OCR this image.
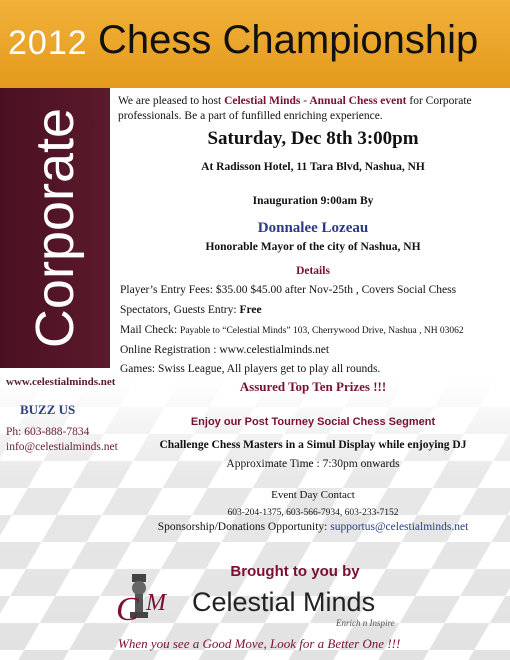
2012 Chess Championship
Corporate
www.celestialminds.net
BUZZ US
Ph: 603-888-7834
info@celestialminds.net
We are pleased to host Celestial Minds - Annual Chess event for Corporate professionals. Be a part of funfilled enriching experience.
Saturday, Dec 8th 3:00pm
At Radisson Hotel, 11 Tara Blvd, Nashua, NH
Inauguration 9:00am By
Donnalee Lozeau
Honorable Mayor of the city of Nashua, NH
Details
Player’s Entry Fees: $35.00 $45.00 after Nov-25th , Covers Social Chess
Spectators, Guests Entry: Free
Mail Check: Payable to “Celestial Minds” 103, Cherrywood Drive, Nashua , NH 03062
Online Registration : www.celestialminds.net
Games: Swiss League, All players get to play all rounds.
Assured Top Ten Prizes !!!
Enjoy our Post Tourney Social Chess Segment
Challenge Chess Masters in a Simul Display while enjoying DJ
Approximate Time : 7:30pm onwards
Event Day Contact
603-204-1375, 603-566-7934, 603-233-7152
Sponsorship/Donations Opportunity: supportus@celestialminds.net
Brought to you by
C M Celestial Minds
Enrich n Inspire
When you see a Good Move, Look for a Better One !!!
